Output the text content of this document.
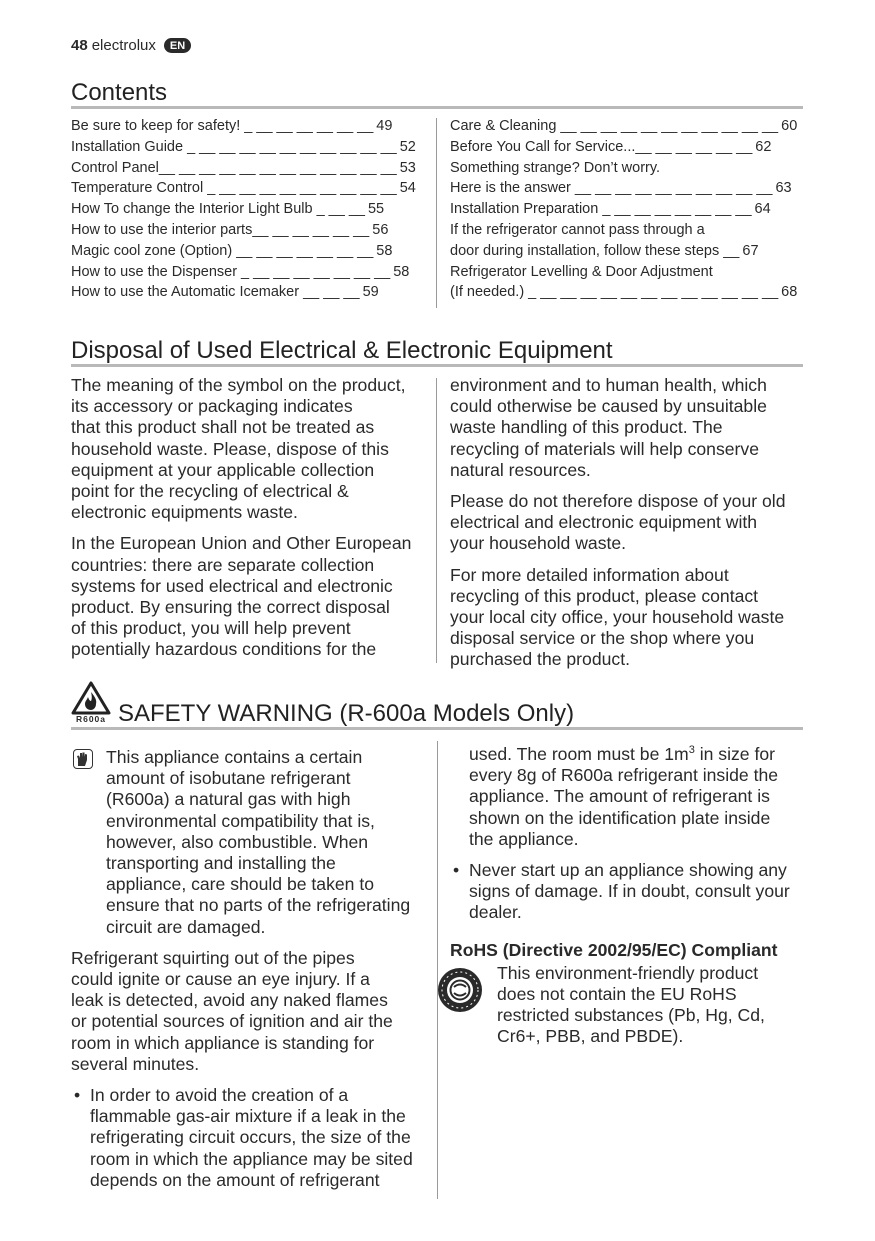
48 electrolux	EN
Contents
Be sure to keep for safety! _ __ __ __ __ __ __ 49
Installation Guide _ __ __ __ __ __ __ __ __ __ __ 52
Control Panel__ __ __ __ __ __ __ __ __ __ __ __ 53
Temperature Control _ __ __ __ __ __ __ __ __ __ 54
How To change the Interior Light Bulb _ __ __ 55
How to use the interior parts__ __ __ __ __ __ 56
Magic cool zone (Option) __ __ __ __ __ __ __ 58
How to use the Dispenser _ __ __ __ __ __ __ __ 58
How to use the Automatic Icemaker __ __ __ 59
Care & Cleaning __ __ __ __ __ __ __ __ __ __ __ 60
Before You Call for Service...__ __ __ __ __ __ 62
Something strange? Don’t worry.
Here is the answer __ __ __ __ __ __ __ __ __ __ 63
Installation Preparation _ __ __ __ __ __ __ __ 64
If the refrigerator cannot pass through a
door during installation, follow these steps __ 67
Refrigerator Levelling & Door Adjustment
(If needed.) _ __ __ __ __ __ __ __ __ __ __ __ __ 68
Disposal of Used Electrical & Electronic Equipment

The meaning of the symbol on the product,
its accessory or packaging indicates
that this product shall not be treated as
household waste. Please, dispose of this
equipment at your applicable collection
point for the recycling of electrical &
electronic equipments waste.

In the European Union and Other European
countries: there are separate collection
systems for used electrical and electronic
product. By ensuring the correct disposal
of this product, you will help prevent
potentially hazardous conditions for the

environment and to human health, which
could otherwise be caused by unsuitable
waste handling of this product. The
recycling of materials will help conserve
natural resources.

Please do not therefore dispose of your old
electrical and electronic equipment with
your household waste.

For more detailed information about
recycling of this product, please contact
your local city office, your household waste
disposal service or the shop where you
purchased the product.

R600a SAFETY WARNING (R-600a Models Only)
This appliance contains a certain
amount of isobutane refrigerant
(R600a) a natural gas with high
environmental compatibility that is,
however, also combustible. When
transporting and installing the
appliance, care should be taken to
ensure that no parts of the refrigerating
circuit are damaged.

Refrigerant squirting out of the pipes
could ignite or cause an eye injury. If a
leak is detected, avoid any naked flames
or potential sources of ignition and air the
room in which appliance is standing for
several minutes.

• In order to avoid the creation of a
flammable gas-air mixture if a leak in the
refrigerating circuit occurs, the size of the
room in which the appliance may be sited
depends on the amount of refrigerant
used. The room must be $1m^3$ in size for
every 8g of R600a refrigerant inside the
appliance. The amount of refrigerant is
shown on the identification plate inside
the appliance.
• Never start up an appliance showing any
signs of damage. If in doubt, consult your
dealer.
RoHS (Directive 2002/95/EC) Compliant
This environment-friendly product
does not contain the EU RoHS
restricted substances (Pb, Hg, Cd,
Cr6+, PBB, and PBDE).
